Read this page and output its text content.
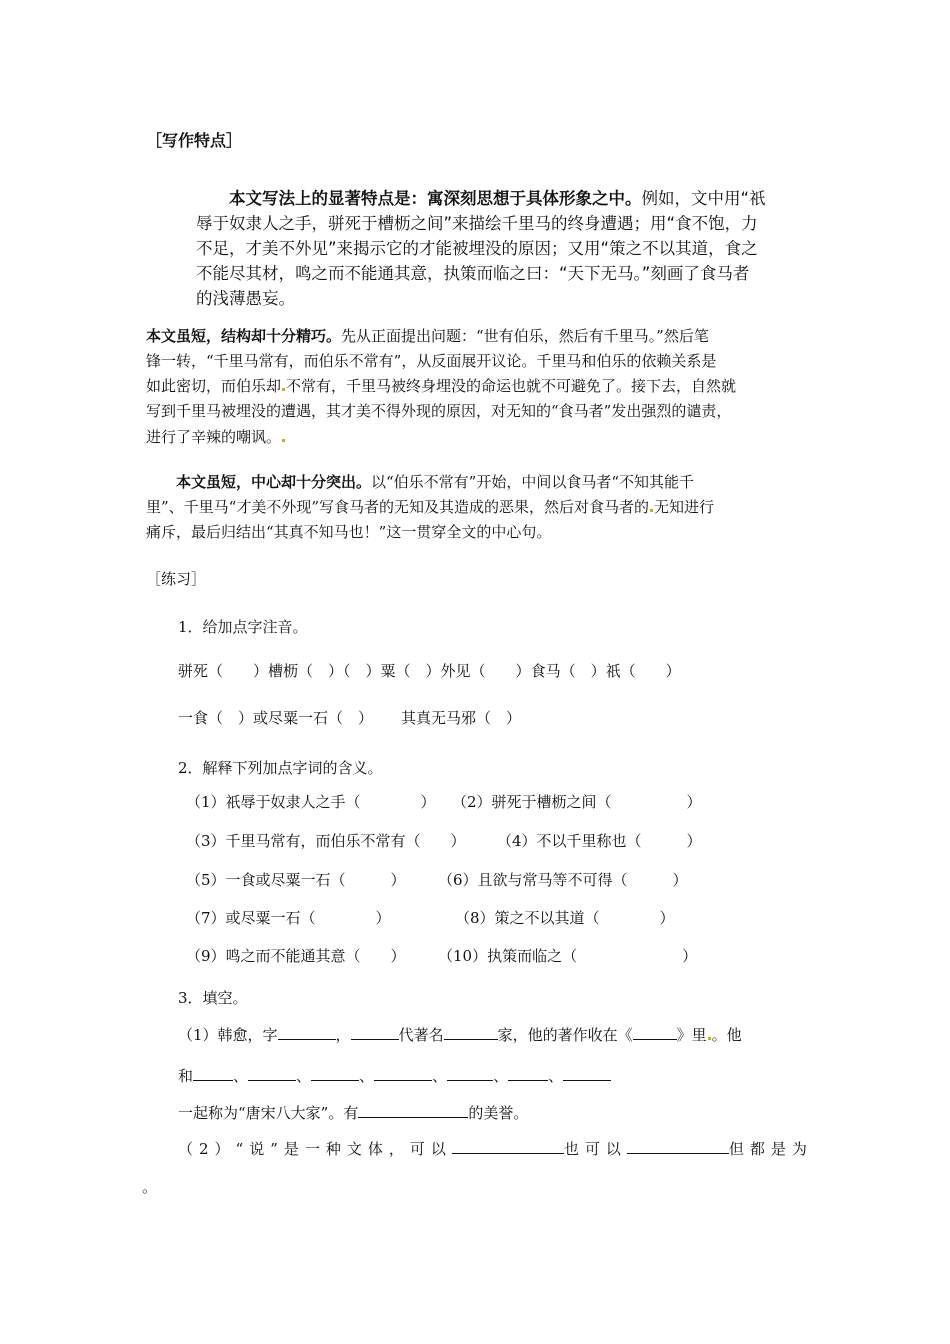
［写作特点］
本文写法上的显著特点是：寓深刻思想于具体形象之中。例如，文中用“祇
辱于奴隶人之手，骈死于槽枥之间”来描绘千里马的终身遭遇；用“食不饱，力
不足，才美不外见”来揭示它的才能被埋没的原因；又用“策之不以其道，食之
不能尽其材，鸣之而不能通其意，执策而临之曰：“天下无马。”刻画了食马者
的浅薄愚妄。
本文虽短，结构却十分精巧。先从正面提出问题：“世有伯乐，然后有千里马。”然后笔
锋一转，“千里马常有，而伯乐不常有”，从反面展开议论。千里马和伯乐的依赖关系是
如此密切，而伯乐却 不常有，千里马被终身埋没的命运也就不可避免了。接下去，自然就
写到千里马被埋没的遭遇，其才美不得外现的原因，对无知的“食马者”发出强烈的谴责，
进行了辛辣的嘲讽。
本文虽短，中心却十分突出。以“伯乐不常有”开始，中间以食马者“不知其能千
里”、千里马“才美不外现”写食马者的无知及其造成的恶果，然后对食马者的 无知进行
痛斥，最后归结出“其真不知马也！”这一贯穿全文的中心句。
［练习］
1．给加点字注音。
骈死（　　）槽枥（　）（　）粟（　）外见（　　）食马（　）祇（　　）
一食（　）或尽粟一石（　） 其真无马邪（　）
2．解释下列加点字词的含义。
（1）祇辱于奴隶人之手（　　　　） （2）骈死于槽枥之间（　　　　　）
（3）千里马常有，而伯乐不常有（　　） （4）不以千里称也（　　　）
（5）一食或尽粟一石（　　　） （6）且欲与常马等不可得（　　　）
（7）或尽粟一石（　　　　）	（8）策之不以其道（　　　　）
（9）鸣之而不能通其意（　　） （10）执策而临之（　　　　　　　）
3．填空。
（1）韩愈，字	，	代著名	家，他的著作收在《	》里 。他
和	、	、	、	、	、	、
一起称为“唐宋八大家”。有	的美誉。
（2）“说”是一种文体，可以	也可以	但都是为
。
